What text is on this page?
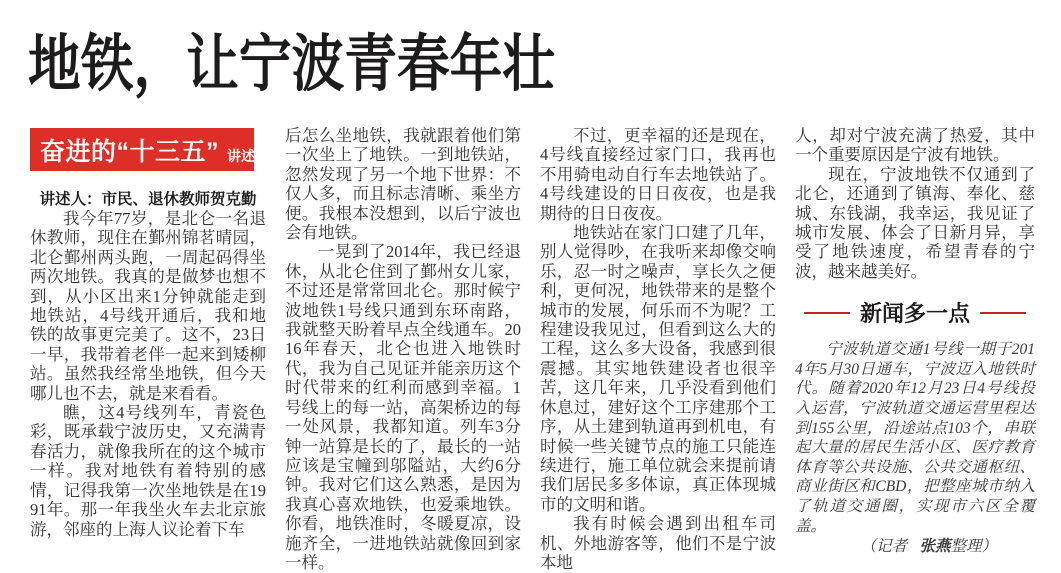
地铁，让宁波青春年壮
奋进的“十三五” 讲述篇

讲述人：市民、退休教师贺克勤

我今年77岁，是北仑一名退休教师，现住在鄞州锦茗晴园，北仑鄞州两头跑，一周起码得坐两次地铁。我真的是做梦也想不到，从小区出来1分钟就能走到地铁站，4号线开通后，我和地铁的故事更完美了。这不，23日一早，我带着老伴一起来到矮柳站。虽然我经常坐地铁，但今天哪儿也不去，就是来看看。

瞧，这4号线列车，青瓷色彩，既承载宁波历史，又充满青春活力，就像我所在的这个城市一样。我对地铁有着特别的感情，记得我第一次坐地铁是在1991年。那一年我坐火车去北京旅游，邻座的上海人议论着下车

后怎么坐地铁，我就跟着他们第一次坐上了地铁。一到地铁站，忽然发现了另一个地下世界：不仅人多，而且标志清晰、乘坐方便。我根本没想到，以后宁波也会有地铁。

一晃到了2014年，我已经退休，从北仑住到了鄞州女儿家，不过还是常常回北仑。那时候宁波地铁1号线只通到东环南路，我就整天盼着早点全线通车。2016年春天，北仑也进入地铁时代，我为自己见证并能亲历这个时代带来的红利而感到幸福。1号线上的每一站，高架桥边的每一处风景，我都知道。列车3分钟一站算是长的了，最长的一站应该是宝幢到邬隘站，大约6分钟。我对它们这么熟悉，是因为我真心喜欢地铁，也爱乘地铁。你看，地铁准时，冬暖夏凉，设施齐全，一进地铁站就像回到家一样。

不过，更幸福的还是现在，4号线直接经过家门口，我再也不用骑电动自行车去地铁站了。4号线建设的日日夜夜，也是我期待的日日夜夜。

地铁站在家门口建了几年，别人觉得吵，在我听来却像交响乐，忍一时之噪声，享长久之便利，更何况，地铁带来的是整个城市的发展，何乐而不为呢？工程建设我见过，但看到这么大的工程，这么多大设备，我感到很震撼。其实地铁建设者也很辛苦，这几年来，几乎没看到他们休息过，建好这个工序建那个工序，从土建到轨道再到机电，有时候一些关键节点的施工只能连续进行，施工单位就会来提前请我们居民多多体谅，真正体现城市的文明和谐。

我有时候会遇到出租车司机、外地游客等，他们不是宁波本地

人，却对宁波充满了热爱，其中一个重要原因是宁波有地铁。

现在，宁波地铁不仅通到了北仑，还通到了镇海、奉化、慈城、东钱湖，我幸运，我见证了城市发展、体会了日新月异，享受了地铁速度，希望青春的宁波，越来越美好。

新闻多一点

宁波轨道交通1号线一期于2014年5月30日通车，宁波迈入地铁时代。随着2020年12月23日4号线投入运营，宁波轨道交通运营里程达到155公里，沿途站点103个，串联起大量的居民生活小区、医疗教育体育等公共设施、公共交通枢纽、商业街区和CBD，把整座城市纳入了轨道交通圈，实现市六区全覆盖。

（记者 张燕整理）
